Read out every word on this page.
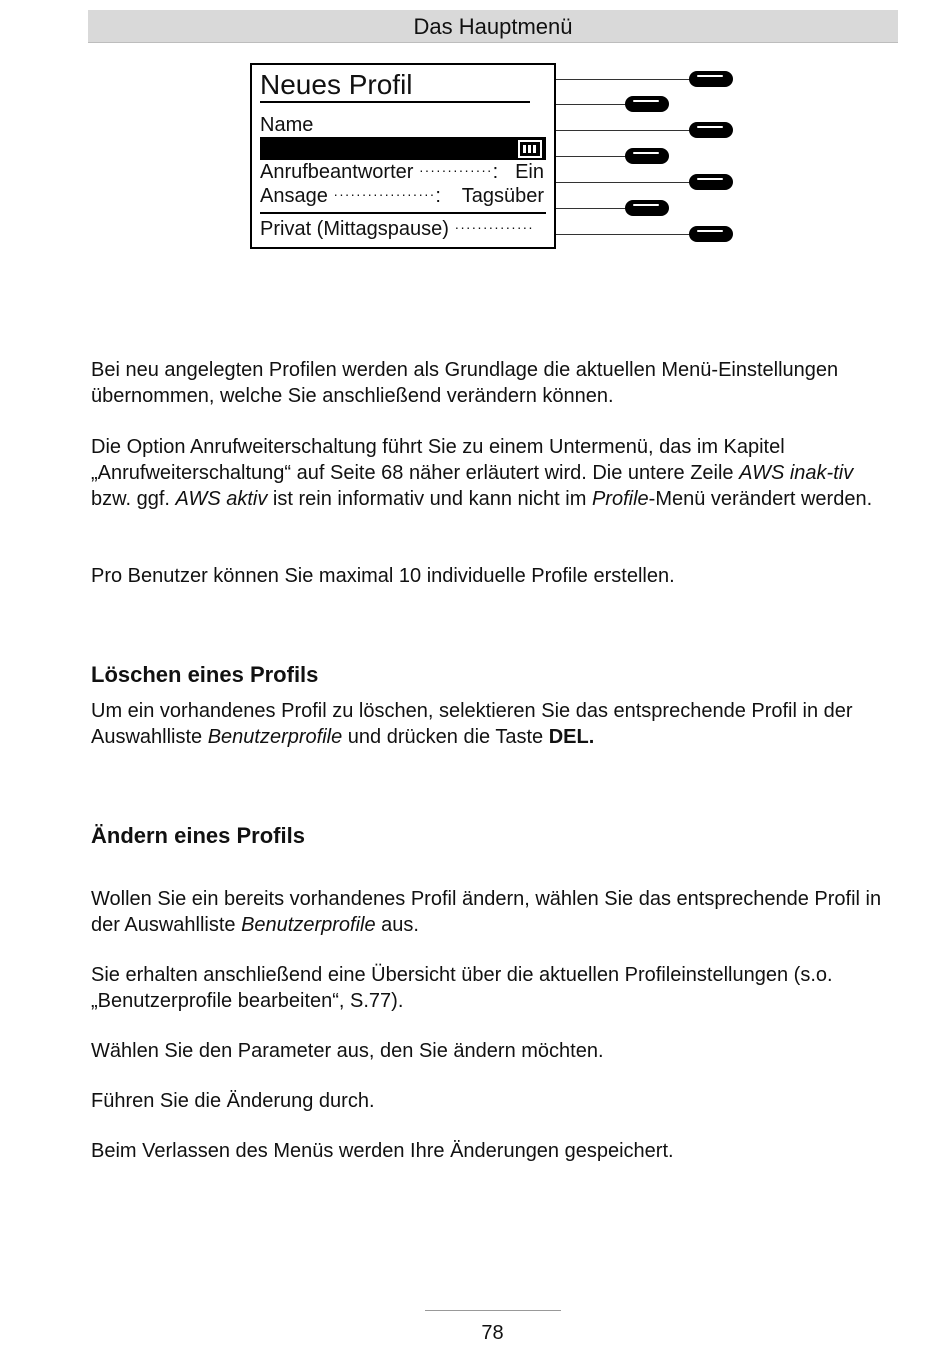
Das Hauptmenü
Neues Profil
Name
Anrufbeantworter ·············: Ein
Ansage ··················: Tagsüber
Privat (Mittagspause) ··············

Bei neu angelegten Profilen werden als Grundlage die aktuellen Menü-Einstellungen übernommen, welche Sie anschließend verändern können.

Die Option Anrufweiterschaltung führt Sie zu einem Untermenü, das im Kapitel „Anrufweiterschaltung“ auf Seite 68 näher erläutert wird. Die untere Zeile AWS inak-tiv bzw. ggf. AWS aktiv ist rein informativ und kann nicht im Profile-Menü verändert werden.

Pro Benutzer können Sie maximal 10 individuelle Profile erstellen.

Löschen eines Profils

Um ein vorhandenes Profil zu löschen, selektieren Sie das entsprechende Profil in der Auswahlliste Benutzerprofile und drücken die Taste DEL.

Ändern eines Profils

Wollen Sie ein bereits vorhandenes Profil ändern, wählen Sie das entsprechende Profil in der Auswahlliste Benutzerprofile aus.

Sie erhalten anschließend eine Übersicht über die aktuellen Profileinstellungen (s.o. „Benutzerprofile bearbeiten“, S.77).

Wählen Sie den Parameter aus, den Sie ändern möchten.

Führen Sie die Änderung durch.

Beim Verlassen des Menüs werden Ihre Änderungen gespeichert.

78
